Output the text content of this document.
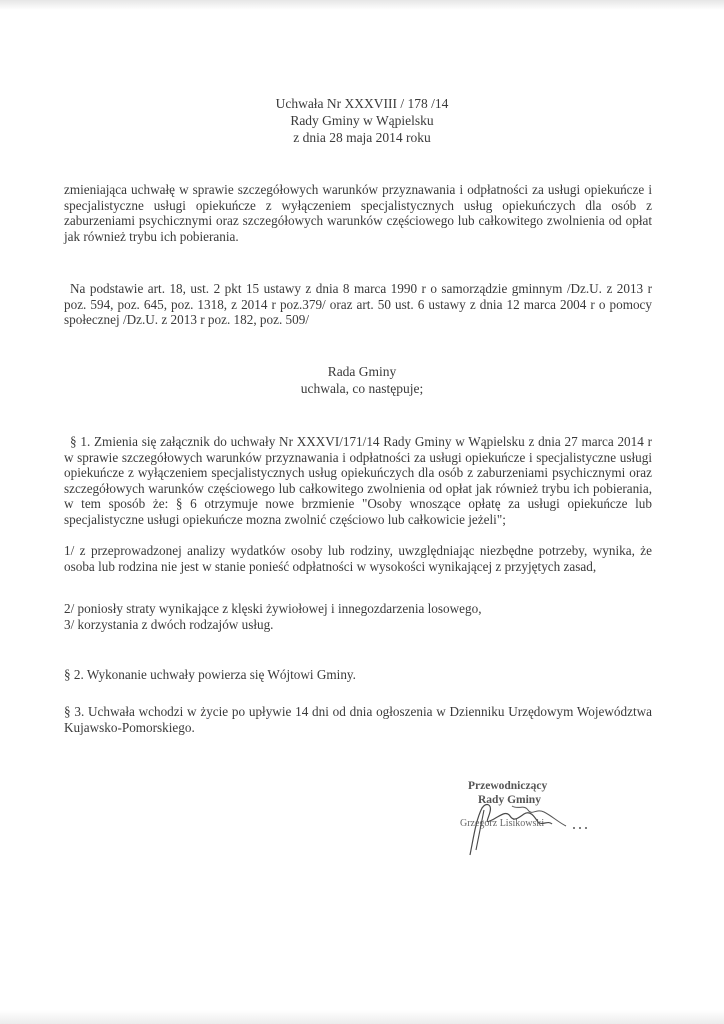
Uchwała Nr XXXVIII / 178 /14
Rady Gminy w Wąpielsku
z dnia 28 maja 2014 roku
zmieniająca uchwałę w sprawie szczegółowych warunków przyznawania i odpłatności za usługi opiekuńcze i specjalistyczne usługi opiekuńcze z wyłączeniem specjalistycznych usług opiekuńczych dla osób z zaburzeniami psychicznymi oraz szczegółowych warunków częściowego lub całkowitego zwolnienia od opłat jak również trybu ich pobierania.
Na podstawie art. 18, ust. 2 pkt 15 ustawy z dnia 8 marca 1990 r o samorządzie gminnym /Dz.U. z 2013 r poz. 594, poz. 645, poz. 1318, z 2014 r poz.379/ oraz art. 50 ust. 6 ustawy z dnia 12 marca 2004 r o pomocy społecznej /Dz.U. z 2013 r poz. 182, poz. 509/
Rada Gminy
uchwala, co następuje;
§ 1. Zmienia się załącznik do uchwały Nr XXXVI/171/14 Rady Gminy w Wąpielsku z dnia 27 marca 2014 r w sprawie szczegółowych warunków przyznawania i odpłatności za usługi opiekuńcze i specjalistyczne usługi opiekuńcze z wyłączeniem specjalistycznych usług opiekuńczych dla osób z zaburzeniami psychicznymi oraz szczegółowych warunków częściowego lub całkowitego zwolnienia od opłat jak również trybu ich pobierania, w tem sposób że: § 6 otrzymuje nowe brzmienie "Osoby wnoszące opłatę za usługi opiekuńcze lub specjalistyczne usługi opiekuńcze mozna zwolnić częściowo lub całkowicie jeżeli";
1/ z przeprowadzonej analizy wydatków osoby lub rodziny, uwzględniając niezbędne potrzeby, wynika, że osoba lub rodzina nie jest w stanie ponieść odpłatności w wysokości wynikającej z przyjętych zasad,
2/ poniosły straty wynikające z klęski żywiołowej i innegozdarzenia losowego,
3/ korzystania z dwóch rodzajów usług.
§ 2. Wykonanie uchwały powierza się Wójtowi Gminy.
§ 3. Uchwała wchodzi w życie po upływie 14 dni od dnia ogłoszenia w Dzienniku Urzędowym Województwa Kujawsko-Pomorskiego.
Przewodniczący
Rady Gminy
Grzegorz Lisikowski
